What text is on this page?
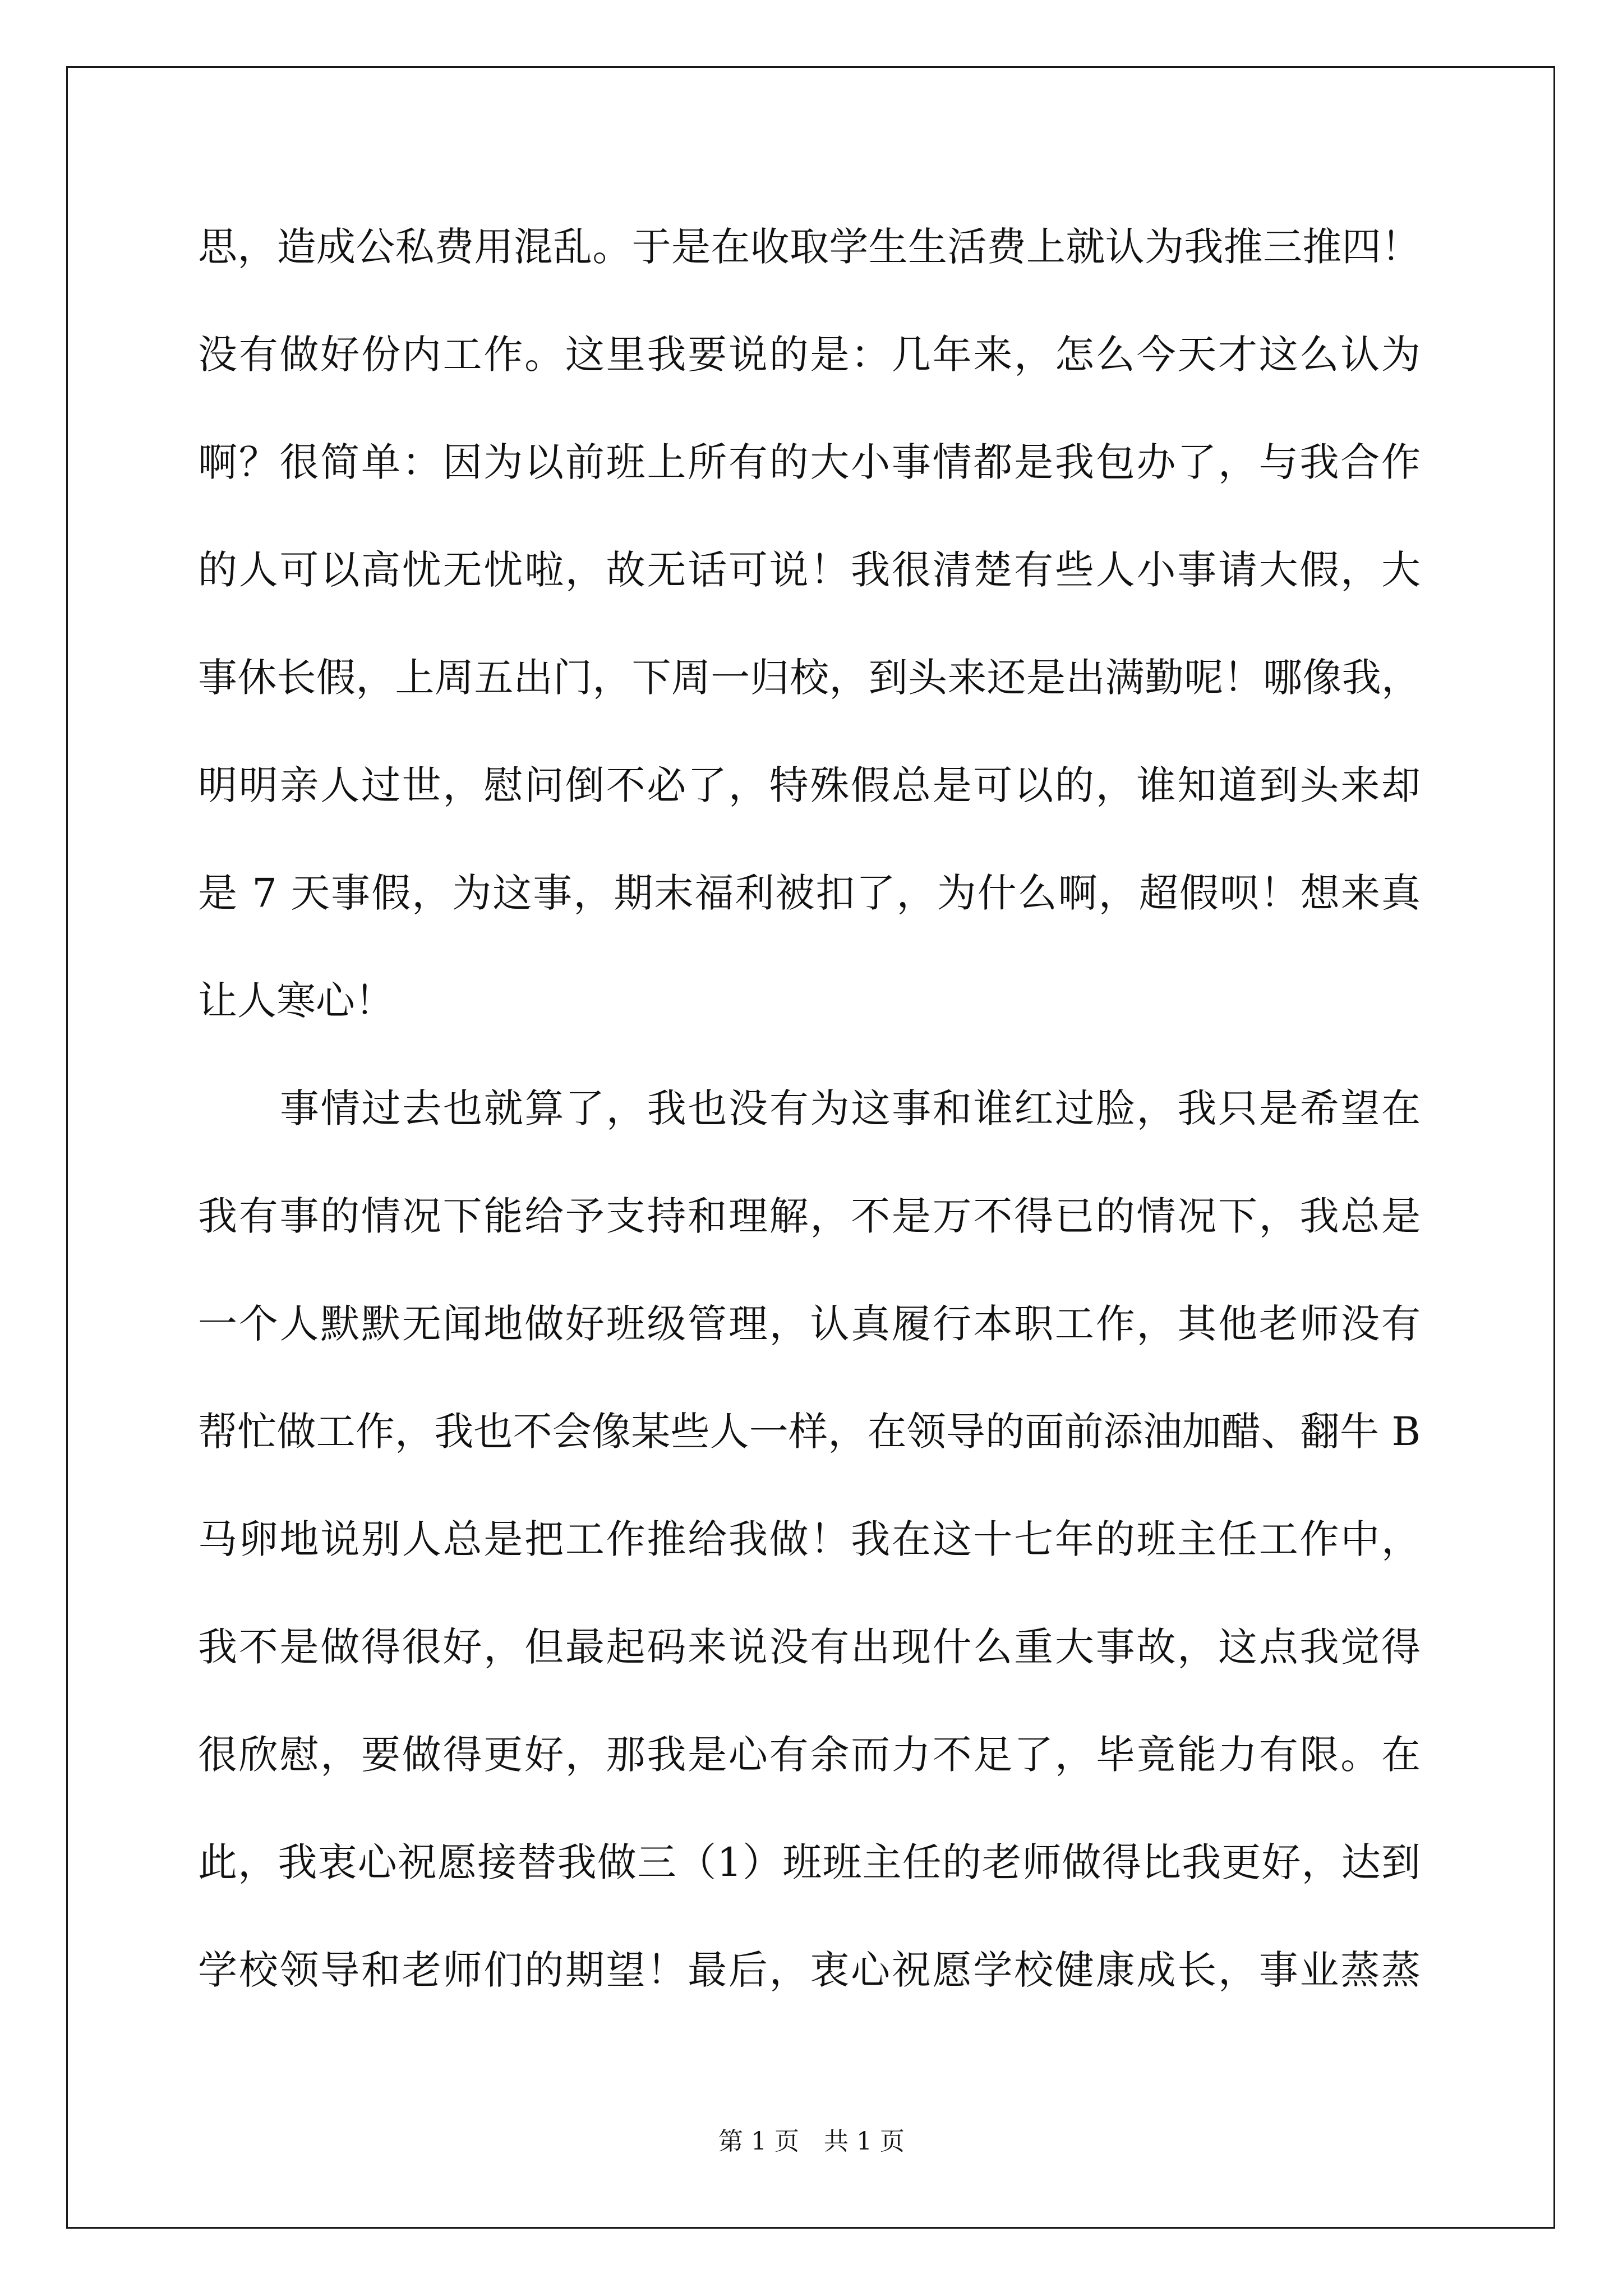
思，造成公私费用混乱。于是在收取学生生活费上就认为我推三推四！
没有做好份内工作。这里我要说的是：几年来，怎么今天才这么认为
啊？很简单：因为以前班上所有的大小事情都是我包办了，与我合作
的人可以高忧无忧啦，故无话可说！我很清楚有些人小事请大假，大
事休长假，上周五出门，下周一归校，到头来还是出满勤呢！哪像我，
明明亲人过世，慰问倒不必了，特殊假总是可以的，谁知道到头来却
是 7 天事假，为这事，期末福利被扣了，为什么啊，超假呗！想来真
让人寒心！
事情过去也就算了，我也没有为这事和谁红过脸，我只是希望在
我有事的情况下能给予支持和理解，不是万不得已的情况下，我总是
一个人默默无闻地做好班级管理，认真履行本职工作，其他老师没有
帮忙做工作，我也不会像某些人一样，在领导的面前添油加醋、翻牛 B
马卵地说别人总是把工作推给我做！我在这十七年的班主任工作中，
我不是做得很好，但最起码来说没有出现什么重大事故，这点我觉得
很欣慰，要做得更好，那我是心有余而力不足了，毕竟能力有限。在
此，我衷心祝愿接替我做三（1）班班主任的老师做得比我更好，达到
学校领导和老师们的期望！最后，衷心祝愿学校健康成长，事业蒸蒸
第 1 页　共 1 页
